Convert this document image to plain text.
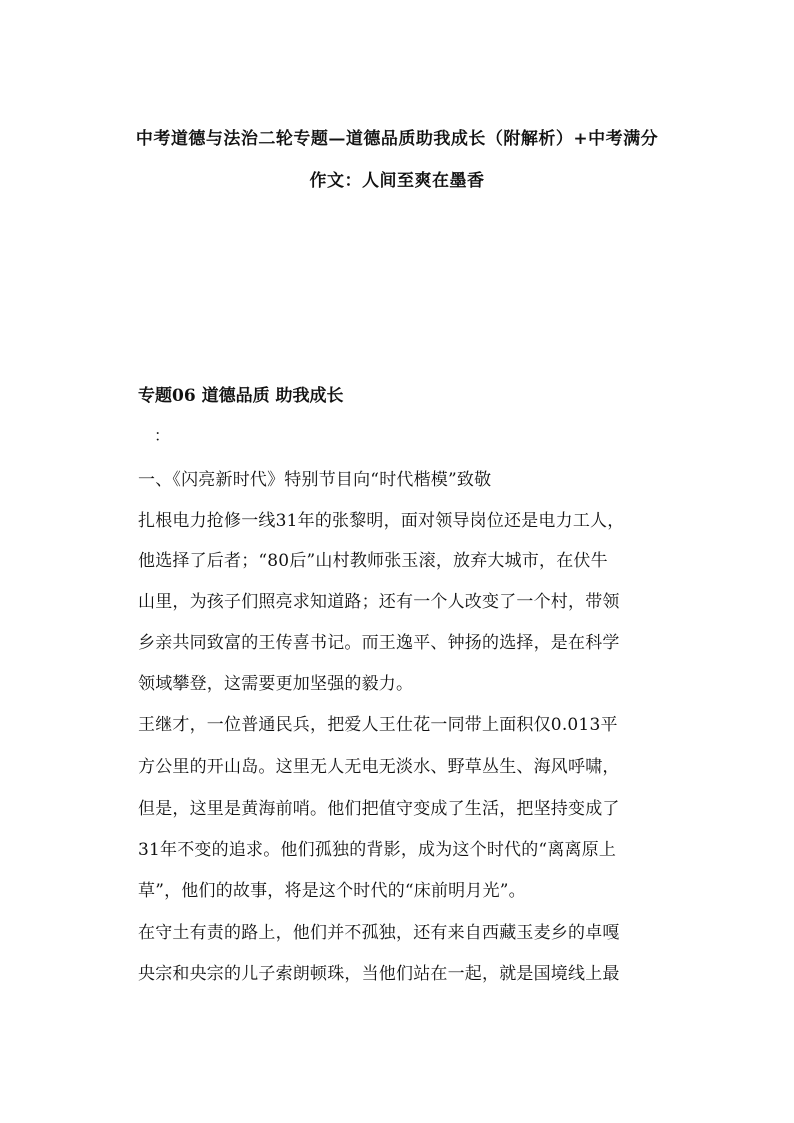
中考道德与法治二轮专题—道德品质助我成长（附解析）+中考满分
作文：人间至爽在墨香
专题06 道德品质 助我成长
：
一、《闪亮新时代》特别节目向“时代楷模”致敬
扎根电力抢修一线31年的张黎明，面对领导岗位还是电力工人，
他选择了后者；“80后”山村教师张玉滚，放弃大城市，在伏牛
山里，为孩子们照亮求知道路；还有一个人改变了一个村，带领
乡亲共同致富的王传喜书记。而王逸平、钟扬的选择，是在科学
领域攀登，这需要更加坚强的毅力。
王继才，一位普通民兵，把爱人王仕花一同带上面积仅0.013平
方公里的开山岛。这里无人无电无淡水、野草丛生、海风呼啸，
但是，这里是黄海前哨。他们把值守变成了生活，把坚持变成了
31年不变的追求。他们孤独的背影，成为这个时代的“离离原上
草”，他们的故事，将是这个时代的“床前明月光”。
在守土有责的路上，他们并不孤独，还有来自西藏玉麦乡的卓嘎
央宗和央宗的儿子索朗顿珠，当他们站在一起，就是国境线上最
